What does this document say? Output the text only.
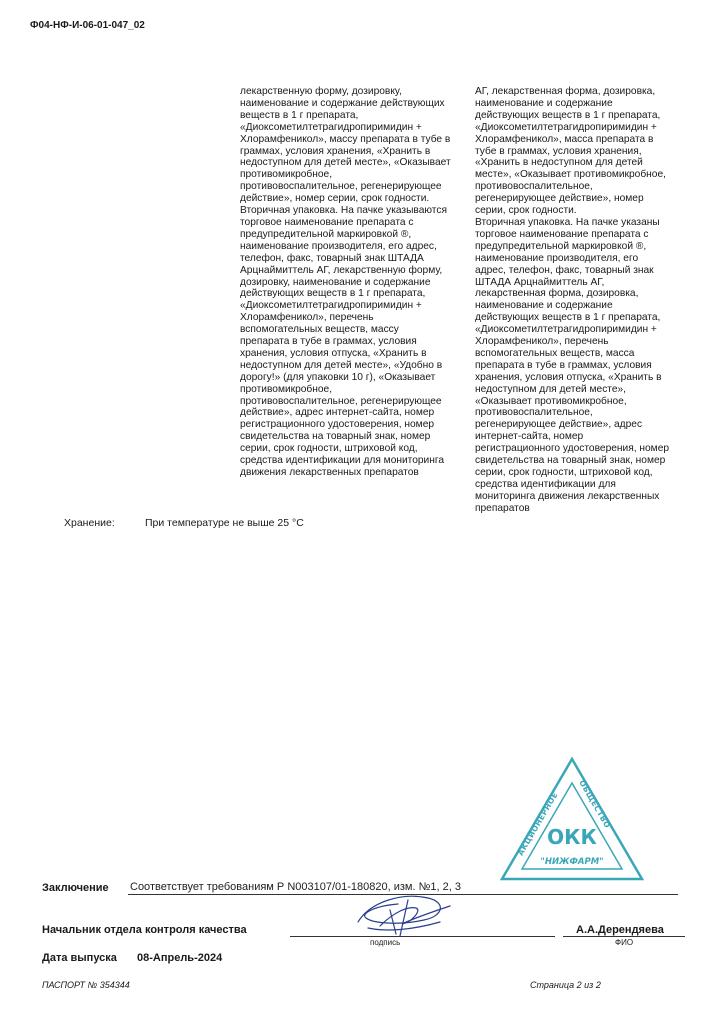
Ф04-НФ-И-06-01-047_02
лекарственную форму, дозировку,
наименование и содержание действующих
веществ в 1 г препарата,
«Диоксометилтетрагидропиримидин +
Хлорамфеникол», массу препарата в тубе в
граммах, условия хранения, «Хранить в
недоступном для детей месте», «Оказывает
противомикробное,
противовоспалительное, регенерирующее
действие», номер серии, срок годности.
Вторичная упаковка. На пачке указываются
торговое наименование препарата с
предупредительной маркировкой ®,
наименование производителя, его адрес,
телефон, факс, товарный знак ШТАДА
Арцнаймиттель АГ, лекарственную форму,
дозировку, наименование и содержание
действующих веществ в 1 г препарата,
«Диоксометилтетрагидропиримидин +
Хлорамфеникол», перечень
вспомогательных веществ, массу
препарата в тубе в граммах, условия
хранения, условия отпуска, «Хранить в
недоступном для детей месте», «Удобно в
дорогу!» (для упаковки 10 г), «Оказывает
противомикробное,
противовоспалительное, регенерирующее
действие», адрес интернет-сайта, номер
регистрационного удостоверения, номер
свидетельства на товарный знак, номер
серии, срок годности, штриховой код,
средства идентификации для мониторинга
движения лекарственных препаратов
АГ, лекарственная форма, дозировка,
наименование и содержание
действующих веществ в 1 г препарата,
«Диоксометилтетрагидропиримидин +
Хлорамфеникол», масса препарата в
тубе в граммах, условия хранения,
«Хранить в недоступном для детей
месте», «Оказывает противомикробное,
противовоспалительное,
регенерирующее действие», номер
серии, срок годности.
Вторичная упаковка. На пачке указаны
торговое наименование препарата с
предупредительной маркировкой ®,
наименование производителя, его
адрес, телефон, факс, товарный знак
ШТАДА Арцнаймиттель АГ,
лекарственная форма, дозировка,
наименование и содержание
действующих веществ в 1 г препарата,
«Диоксометилтетрагидропиримидин +
Хлорамфеникол», перечень
вспомогательных веществ, масса
препарата в тубе в граммах, условия
хранения, условия отпуска, «Хранить в
недоступном для детей месте»,
«Оказывает противомикробное,
противовоспалительное,
регенерирующее действие», адрес
интернет-сайта, номер
регистрационного удостоверения, номер
свидетельства на товарный знак, номер
серии, срок годности, штриховой код,
средства идентификации для
мониторинга движения лекарственных
препаратов
Хранение:	При температуре не выше 25 °С
АКЦИОНЕРНОЕ
ОБЩЕСТВО
ОКК
"НИЖФАРМ"
Заключение Соответствует требованиям Р N003107/01-180820, изм. №1, 2, 3
Начальник отдела контроля качества
подпись
А.А.Дерендяева
ФИО
Дата выпуска 08-Апрель-2024
ПАСПОРТ № 354344	Страница 2 из 2
